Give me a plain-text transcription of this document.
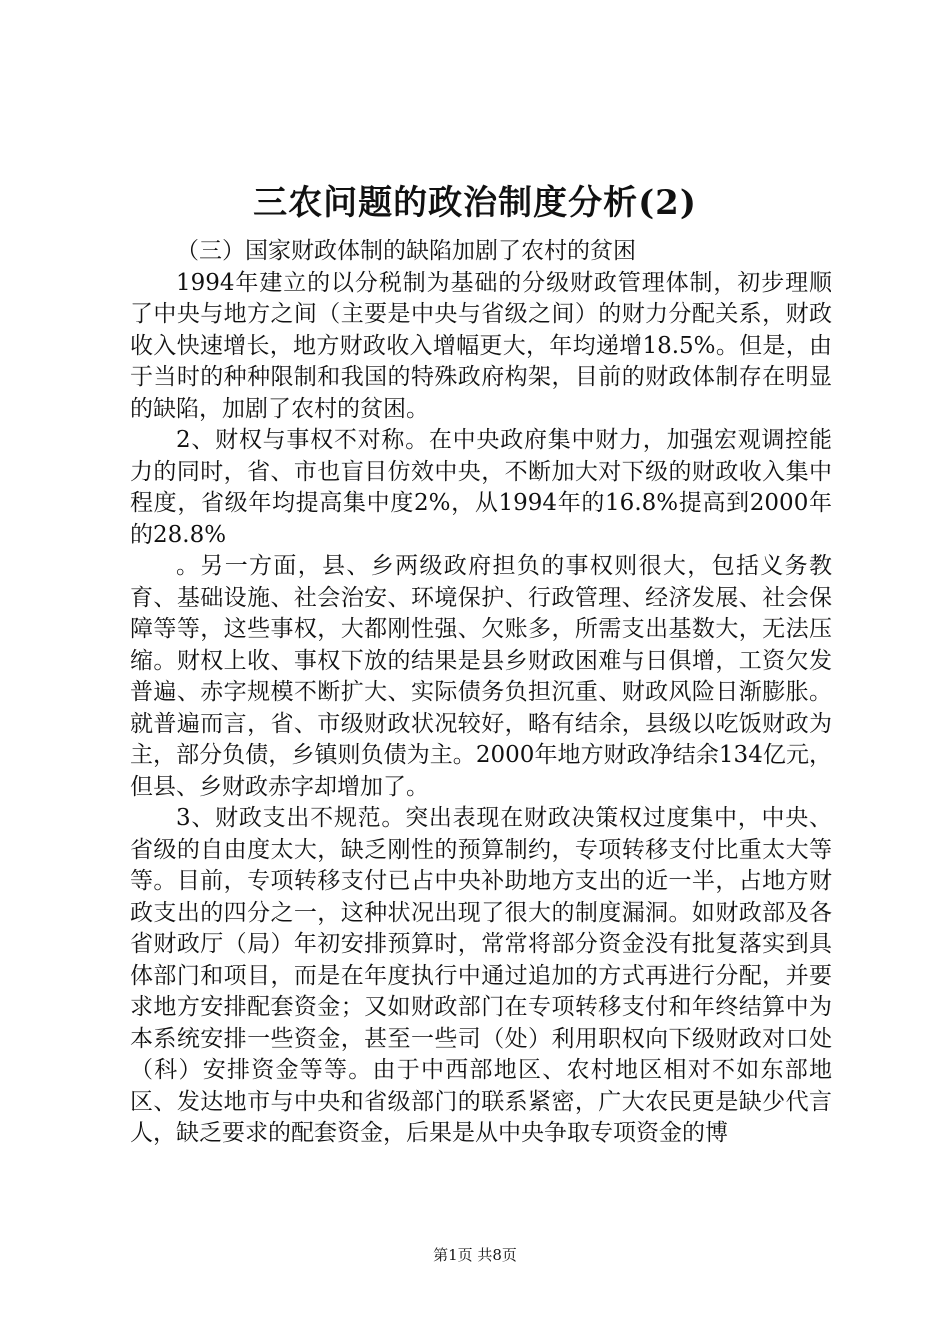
三农问题的政治制度分析(2)

（三）国家财政体制的缺陷加剧了农村的贫困

1994年建立的以分税制为基础的分级财政管理体制，初步理顺了中央与地方之间（主要是中央与省级之间）的财力分配关系，财政收入快速增长，地方财政收入增幅更大，年均递增18.5%。但是，由于当时的种种限制和我国的特殊政府构架，目前的财政体制存在明显的缺陷，加剧了农村的贫困。

2、财权与事权不对称。在中央政府集中财力，加强宏观调控能力的同时，省、市也盲目仿效中央，不断加大对下级的财政收入集中程度，省级年均提高集中度2%，从1994年的16.8%提高到2000年的28.8%

。另一方面，县、乡两级政府担负的事权则很大，包括义务教育、基础设施、社会治安、环境保护、行政管理、经济发展、社会保障等等，这些事权，大都刚性强、欠账多，所需支出基数大，无法压缩。财权上收、事权下放的结果是县乡财政困难与日俱增，工资欠发普遍、赤字规模不断扩大、实际债务负担沉重、财政风险日渐膨胀。就普遍而言，省、市级财政状况较好，略有结余，县级以吃饭财政为主，部分负债，乡镇则负债为主。2000年地方财政净结余134亿元，但县、乡财政赤字却增加了。

3、财政支出不规范。突出表现在财政决策权过度集中，中央、省级的自由度太大，缺乏刚性的预算制约，专项转移支付比重太大等等。目前，专项转移支付已占中央补助地方支出的近一半，占地方财政支出的四分之一，这种状况出现了很大的制度漏洞。如财政部及各省财政厅（局）年初安排预算时，常常将部分资金没有批复落实到具体部门和项目，而是在年度执行中通过追加的方式再进行分配，并要求地方安排配套资金；又如财政部门在专项转移支付和年终结算中为本系统安排一些资金，甚至一些司（处）利用职权向下级财政对口处（科）安排资金等等。由于中西部地区、农村地区相对不如东部地区、发达地市与中央和省级部门的联系紧密，广大农民更是缺少代言人，缺乏要求的配套资金，后果是从中央争取专项资金的博

第1页 共8页
